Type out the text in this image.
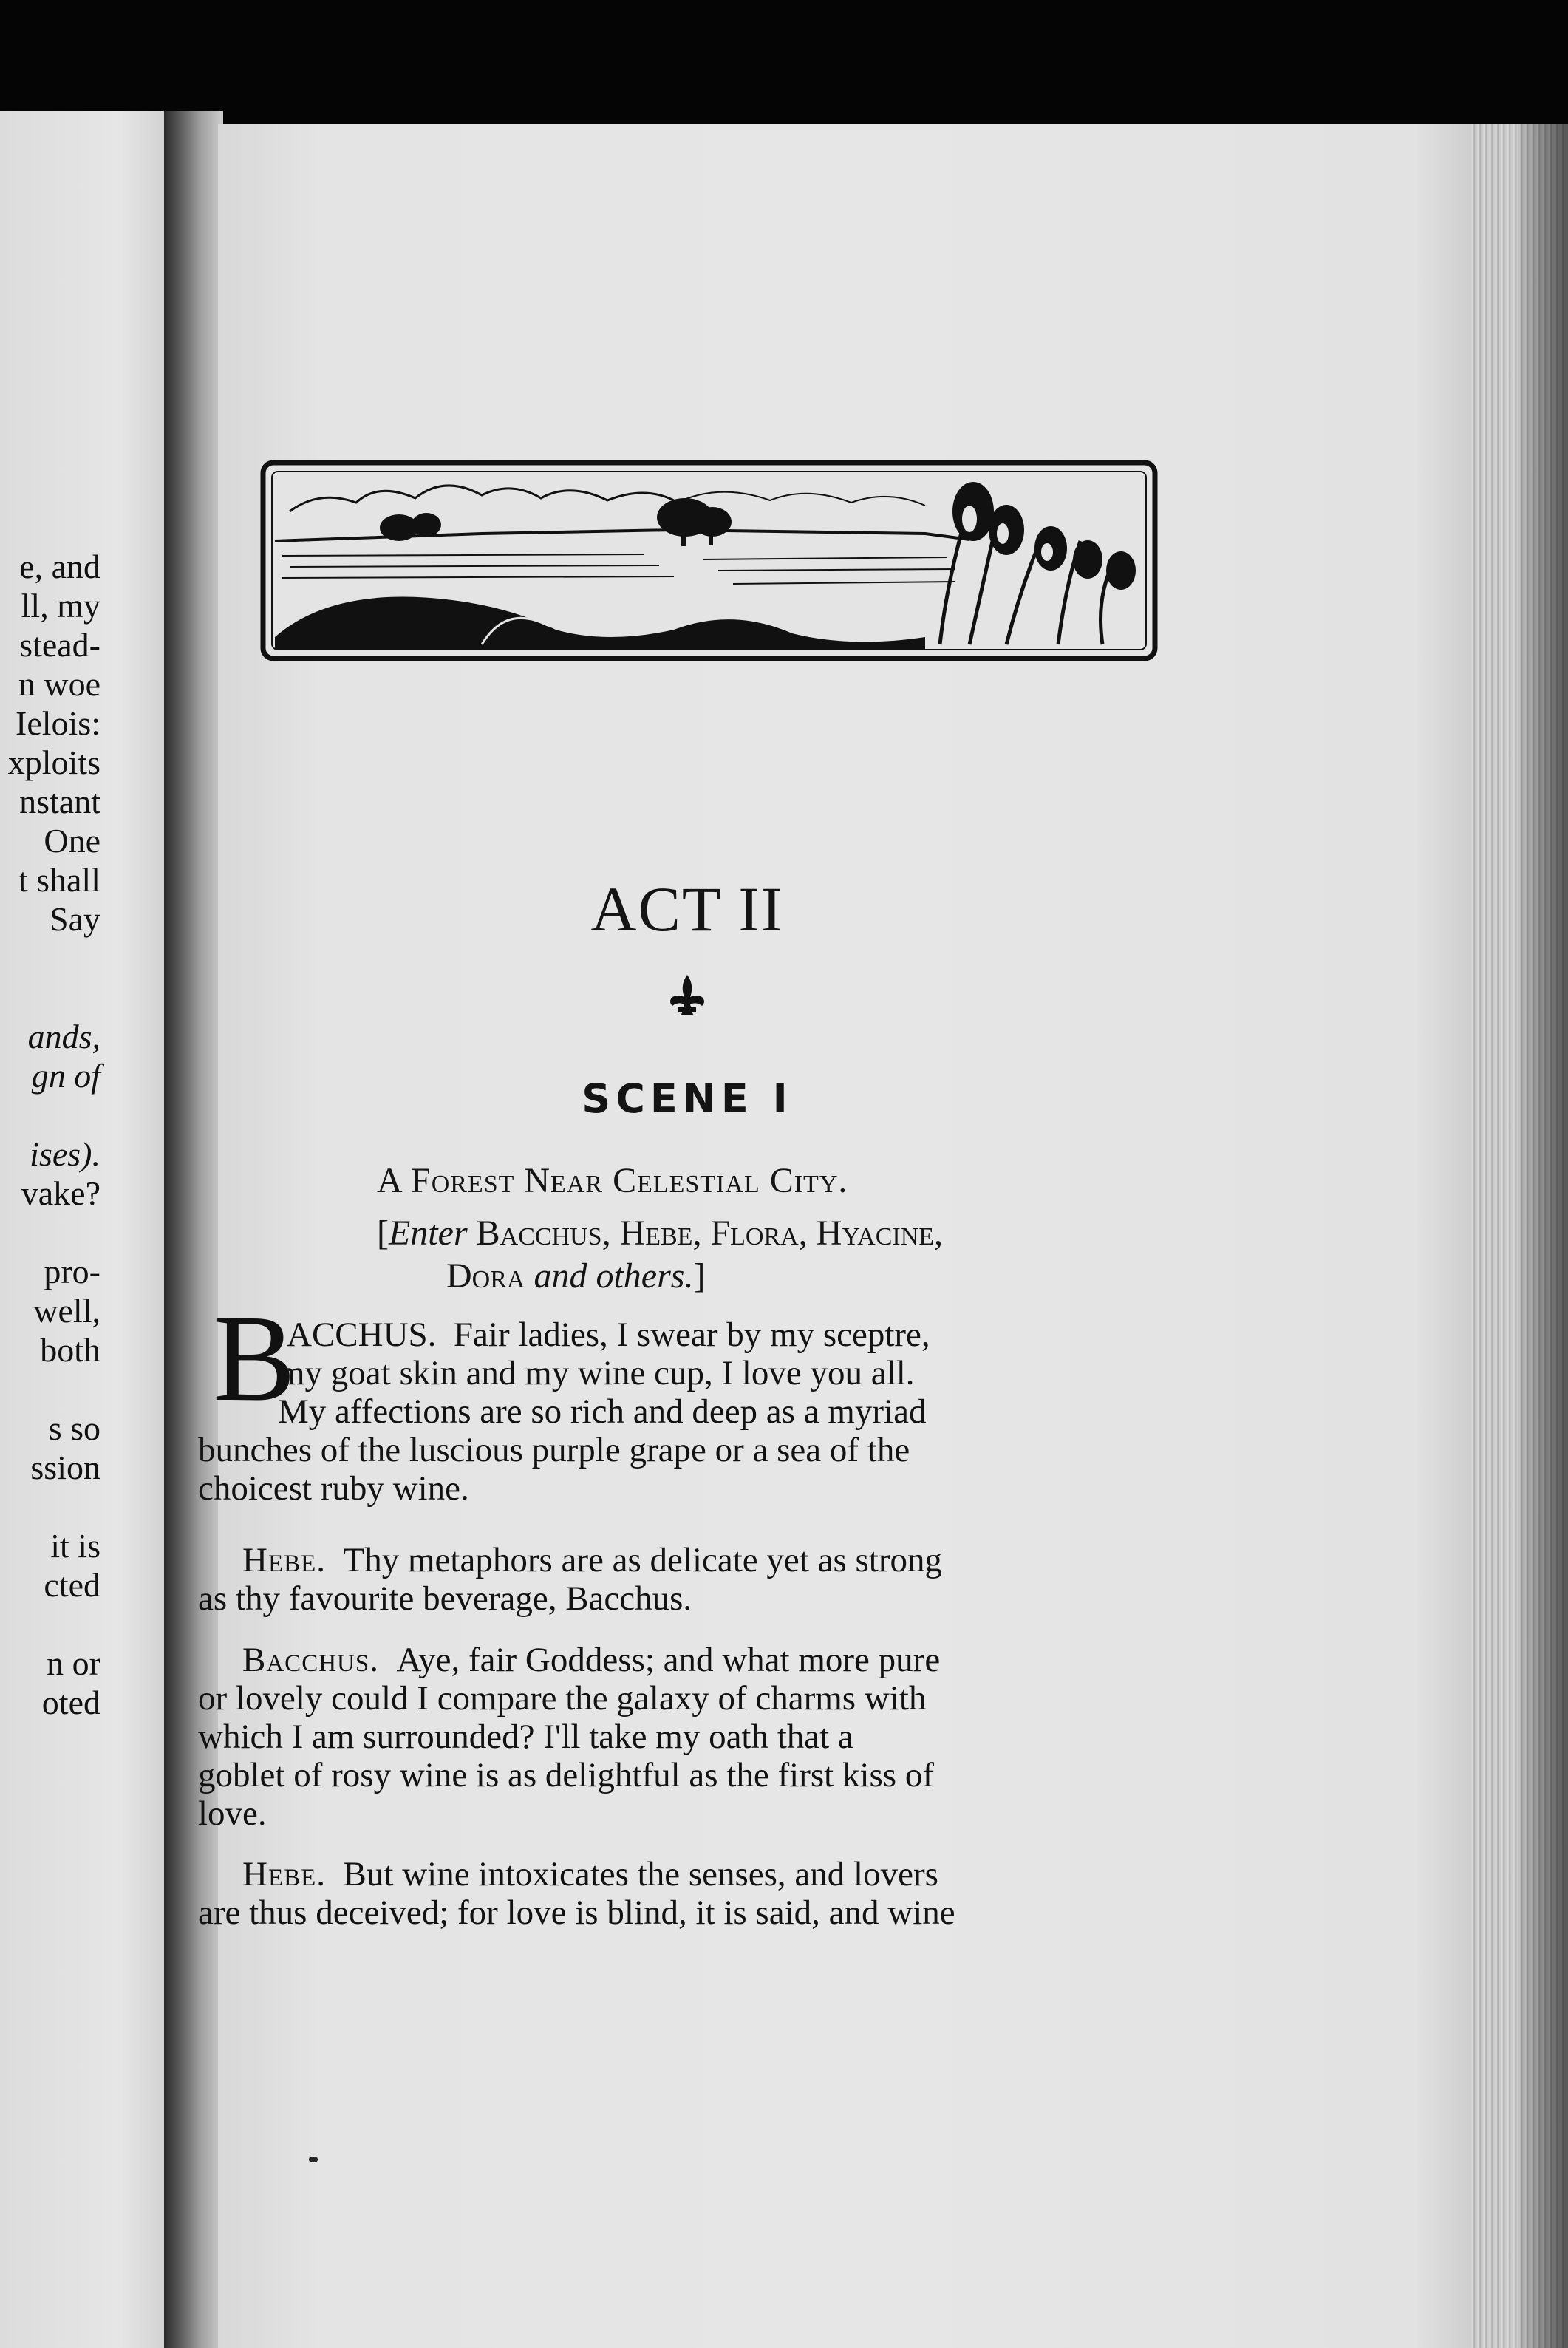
e, and
ll, my
stead-
n woe
Ielois:
xploits
nstant
One
t shall
Say
ands,
gn of
ises).
vake?
pro-
well,
both
s so
ssion
it is
cted
n or
oted
ACT II
SCENE I
A Forest Near Celestial City.
[Enter Bacchus, Hebe, Flora, Hyacine,
Dora and others.]
B
ACCHUS. Fair ladies, I swear by my sceptre,
my goat skin and my wine cup, I love you all.
My affections are so rich and deep as a myriad
bunches of the luscious purple grape or a sea of the
choicest ruby wine.
Hebe. Thy metaphors are as delicate yet as strong
as thy favourite beverage, Bacchus.
Bacchus. Aye, fair Goddess; and what more pure
or lovely could I compare the galaxy of charms with
which I am surrounded? I'll take my oath that a
goblet of rosy wine is as delightful as the first kiss of
love.
Hebe. But wine intoxicates the senses, and lovers
are thus deceived; for love is blind, it is said, and wine
